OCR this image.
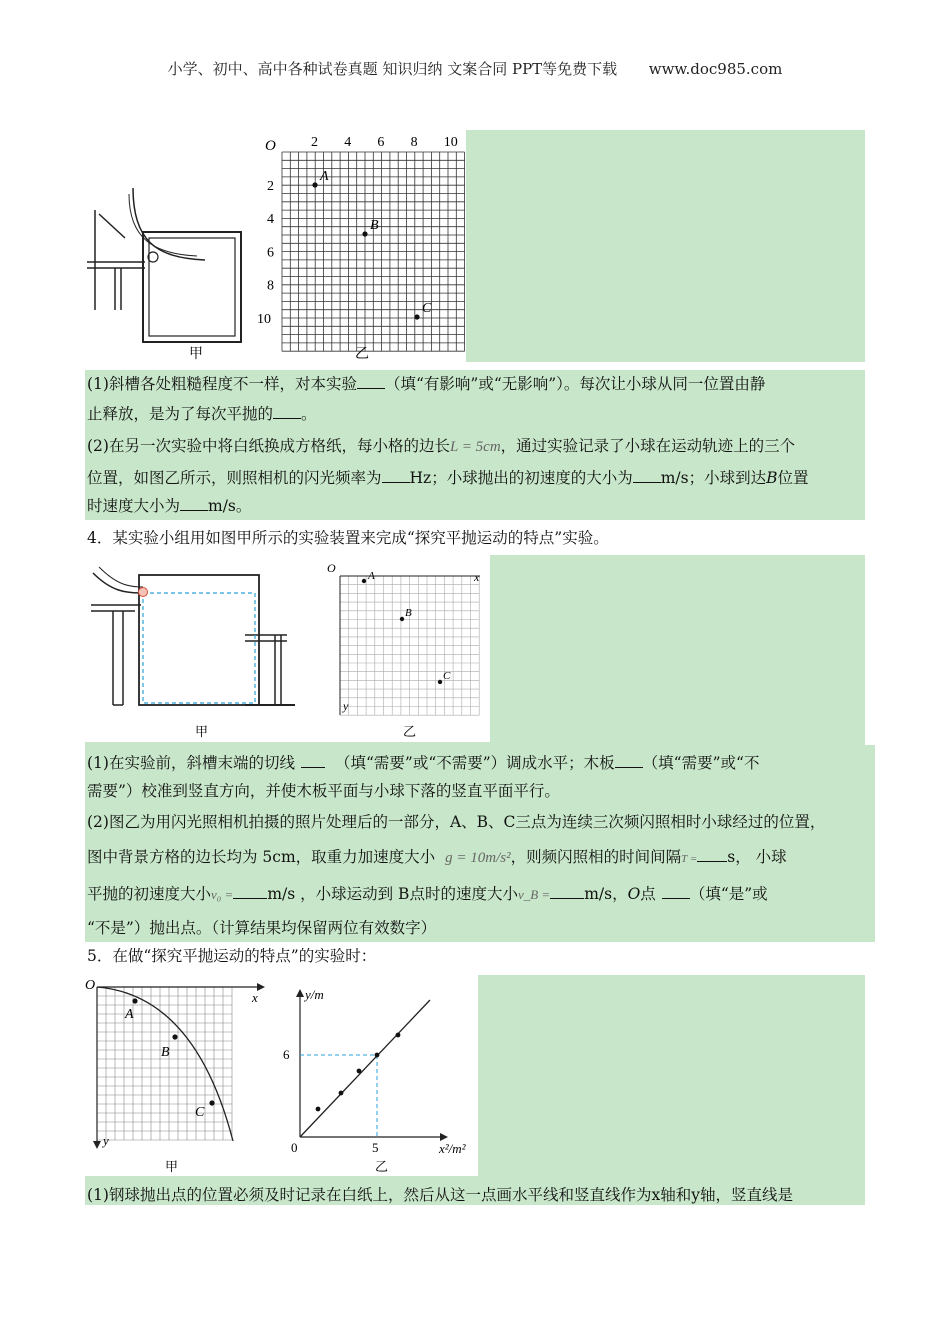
小学、初中、高中各种试卷真题 知识归纳 文案合同 PPT等免费下载 www.doc985.com
甲
O	2 4 6 8 10
2
4
6
8
10
A
B
C
乙
(1)斜槽各处粗糙程度不一样，对本实验 （填“有影响”或“无影响”）。每次让小球从同一位置由静
止释放，是为了每次平抛的 。
(2)在另一次实验中将白纸换成方格纸，每小格的边长L = 5cm，通过实验记录了小球在运动轨迹上的三个
位置，如图乙所示，则照相机的闪光频率为 Hz；小球抛出的初速度的大小为 m/s；小球到达B位置
时速度大小为 m/s。
4．某实验小组用如图甲所示的实验装置来完成“探究平抛运动的特点”实验。
甲
O
x
y
A
B
C
乙
(1)在实验前，斜槽末端的切线	（填“需要”或“不需要”）调成水平；木板 （填“需要”或“不
需要”）校准到竖直方向，并使木板平面与小球下落的竖直平面平行。
(2)图乙为用闪光照相机拍摄的照片处理后的一部分，A、B、C三点为连续三次频闪照相时小球经过的位置，
图中背景方格的边长均为 5cm，取重力加速度大小 g = 10m/s²，则频闪照相的时间间隔T = s， 小球
平抛的初速度大小v₀ = m/s ，小球运动到 B点时的速度大小v_B = m/s，O点 （填“是”或
“不是”）抛出点。（计算结果均保留两位有效数字）
5．在做“探究平抛运动的特点”的实验时：
O
x
y
A
B
C
甲
y/m
x²/m²
0
6
5
乙
(1)钢球抛出点的位置必须及时记录在白纸上，然后从这一点画水平线和竖直线作为x轴和y轴，竖直线是
